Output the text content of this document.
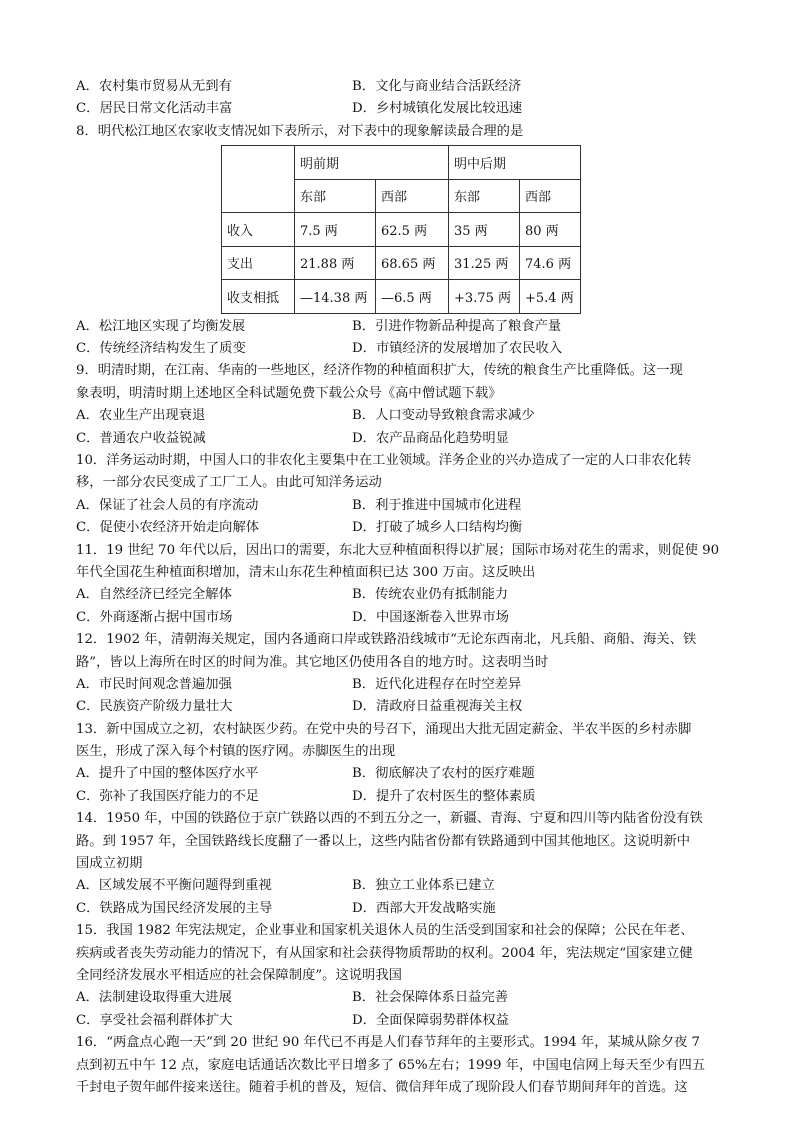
A．农村集市贸易从无到有	B．文化与商业结合活跃经济
C．居民日常文化活动丰富	D．乡村城镇化发展比较迅速
8．明代松江地区农家收支情况如下表所示，对下表中的现象解读最合理的是
	明前期		明中后期	
	东部	西部	东部	西部
收入	7.5 两	62.5 两	35 两	80 两
支出	21.88 两	68.65 两	31.25 两	74.6 两
收支相抵	—14.38 两	—6.5 两	+3.75 两	+5.4 两
A．松江地区实现了均衡发展	B．引进作物新品种提高了粮食产量
C．传统经济结构发生了质变	D．市镇经济的发展增加了农民收入
9．明清时期，在江南、华南的一些地区，经济作物的种植面积扩大，传统的粮食生产比重降低。这一现
象表明，明清时期上述地区全科试题免费下载公众号《高中僧试题下载》
A．农业生产出现衰退	B．人口变动导致粮食需求减少
C．普通农户收益锐减	D．农产品商品化趋势明显
10．洋务运动时期，中国人口的非农化主要集中在工业领域。洋务企业的兴办造成了一定的人口非农化转
移，一部分农民变成了工厂工人。由此可知洋务运动
A．保证了社会人员的有序流动	B．利于推进中国城市化进程
C．促使小农经济开始走向解体	D．打破了城乡人口结构均衡
11．19 世纪 70 年代以后，因出口的需要，东北大豆种植面积得以扩展；国际市场对花生的需求，则促使 90
年代全国花生种植面积增加，清末山东花生种植面积已达 300 万亩。这反映出
A．自然经济已经完全解体	B．传统农业仍有抵制能力
C．外商逐渐占据中国市场	D．中国逐渐卷入世界市场
12．1902 年，清朝海关规定，国内各通商口岸或铁路沿线城市“无论东西南北，凡兵船、商船、海关、铁
路”，皆以上海所在时区的时间为准。其它地区仍使用各自的地方时。这表明当时
A．市民时间观念普遍加强	B．近代化进程存在时空差异
C．民族资产阶级力量壮大	D．清政府日益重视海关主权
13．新中国成立之初，农村缺医少药。在党中央的号召下，涌现出大批无固定薪金、半农半医的乡村赤脚
医生，形成了深入每个村镇的医疗网。赤脚医生的出现
A．提升了中国的整体医疗水平	B．彻底解决了农村的医疗难题
C．弥补了我国医疗能力的不足	D．提升了农村医生的整体素质
14．1950 年，中国的铁路位于京广铁路以西的不到五分之一，新疆、青海、宁夏和四川等内陆省份没有铁
路。到 1957 年，全国铁路线长度翻了一番以上，这些内陆省份都有铁路通到中国其他地区。这说明新中
国成立初期
A．区域发展不平衡问题得到重视	B．独立工业体系已建立
C．铁路成为国民经济发展的主导	D．西部大开发战略实施
15．我国 1982 年宪法规定，企业事业和国家机关退休人员的生活受到国家和社会的保障；公民在年老、
疾病或者丧失劳动能力的情况下，有从国家和社会获得物质帮助的权利。2004 年，宪法规定“国家建立健
全同经济发展水平相适应的社会保障制度”。这说明我国
A．法制建设取得重大进展	B．社会保障体系日益完善
C．享受社会福利群体扩大	D．全面保障弱势群体权益
16．“两盒点心跑一天”到 20 世纪 90 年代已不再是人们春节拜年的主要形式。1994 年，某城从除夕夜 7
点到初五中午 12 点，家庭电话通话次数比平日增多了 65%左右；1999 年，中国电信网上每天至少有四五
千封电子贺年邮件接来送往。随着手机的普及，短信、微信拜年成了现阶段人们春节期间拜年的首选。这
